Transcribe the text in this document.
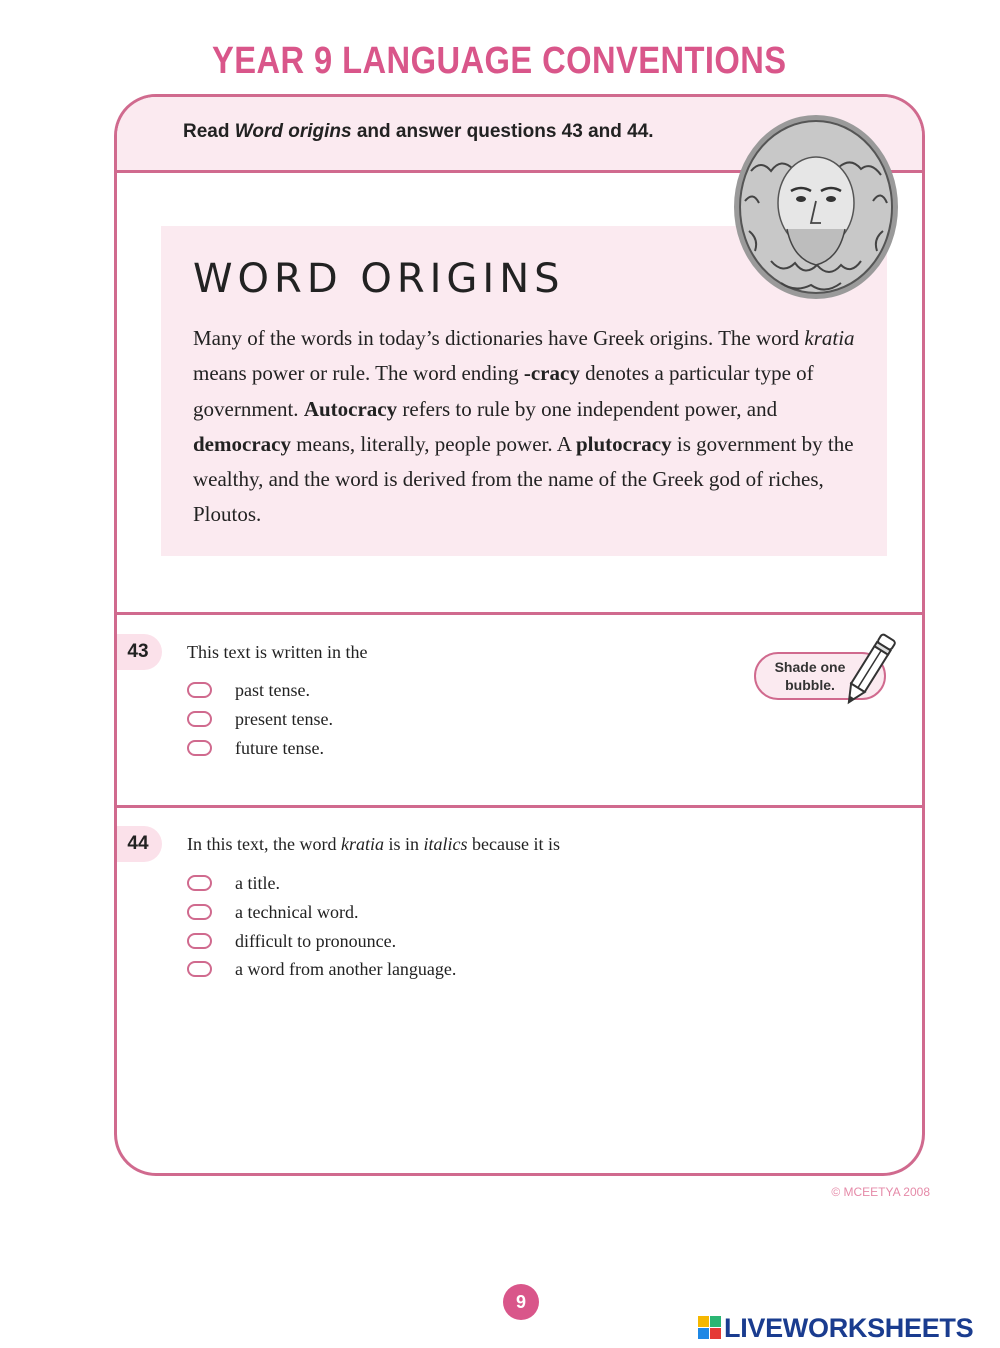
YEAR 9 LANGUAGE CONVENTIONS
Read Word origins and answer questions 43 and 44.
WORD ORIGINS
Many of the words in today’s dictionaries have Greek origins. The word kratia means power or rule. The word ending -cracy denotes a particular type of government. Autocracy refers to rule by one independent power, and democracy means, literally, people power. A plutocracy is government by the wealthy, and the word is derived from the name of the Greek god of riches, Ploutos.
43	This text is written in the
past tense.
present tense.
future tense.
Shade one
bubble.
44	In this text, the word kratia is in italics because it is
a title.
a technical word.
difficult to pronounce.
a word from another language.
© MCEETYA 2008
9
LIVEWORKSHEETS
